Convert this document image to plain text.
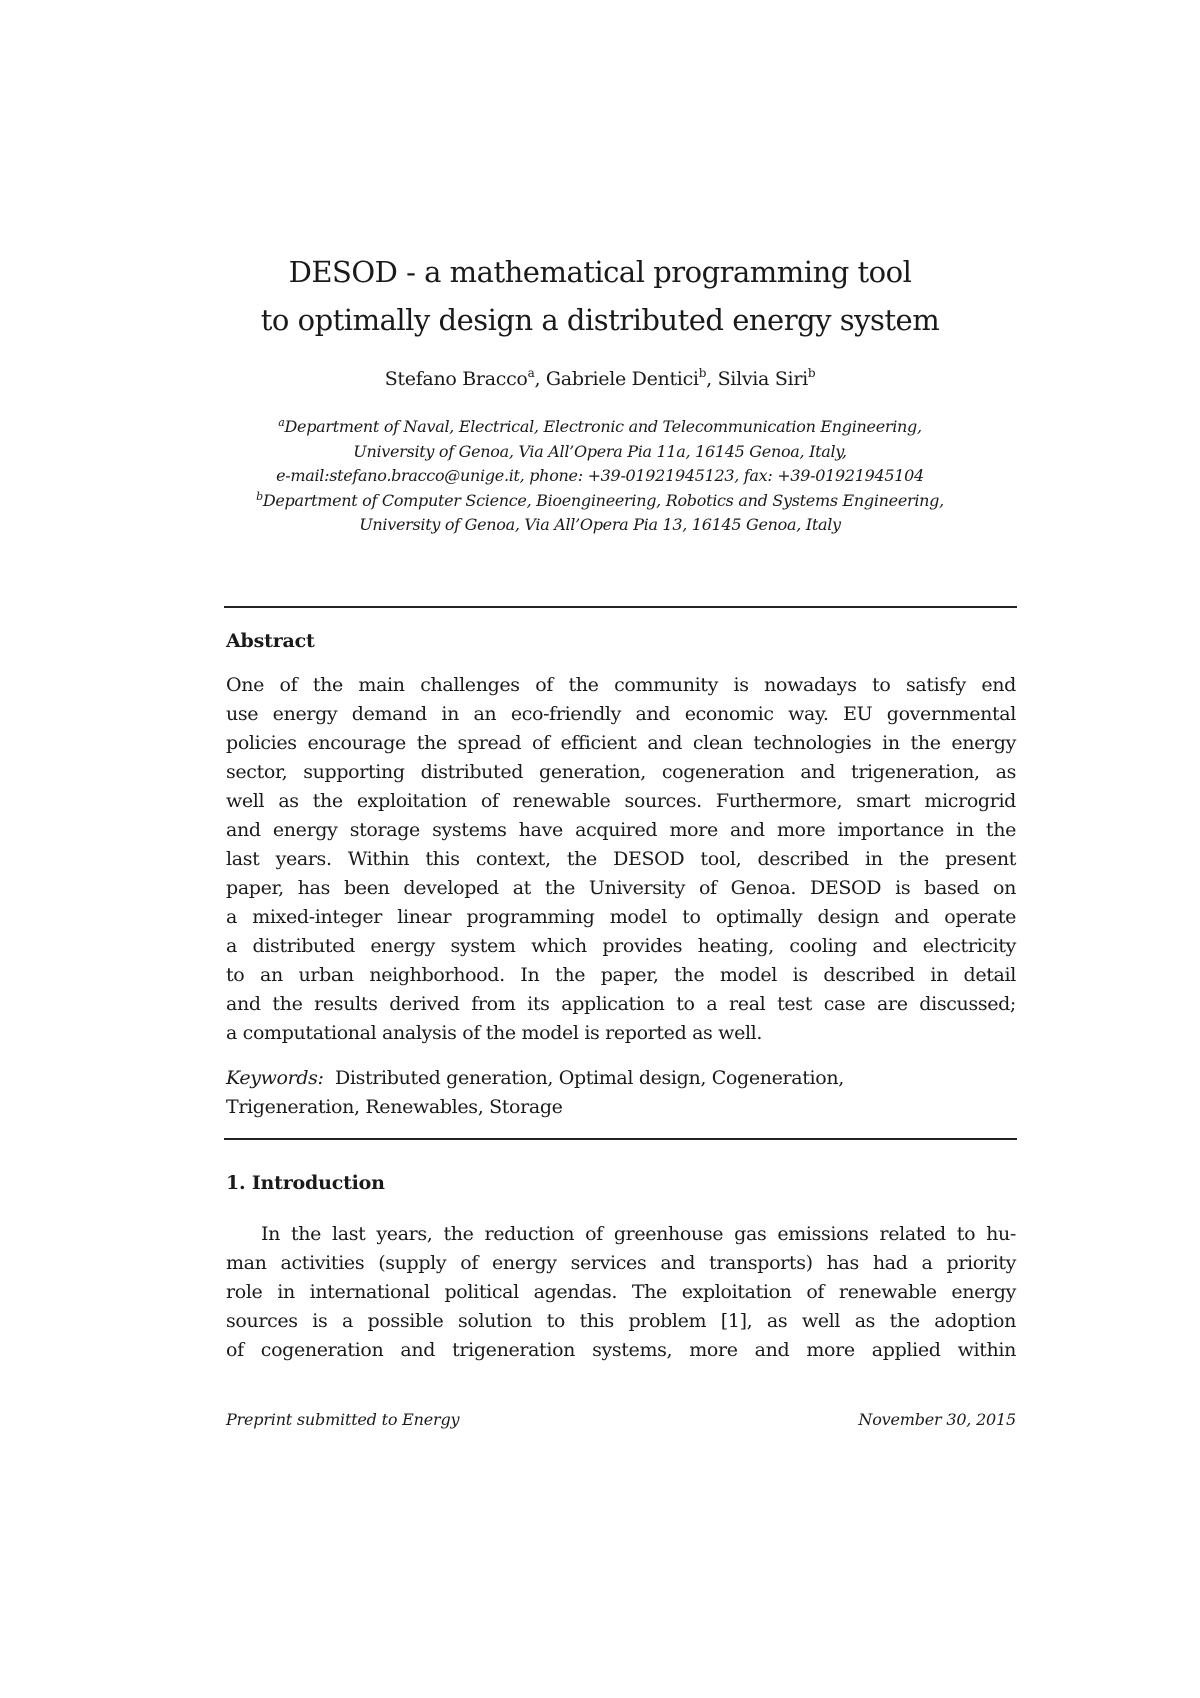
DESOD - a mathematical programming tool
to optimally design a distributed energy system
Stefano Bracco$^a$, Gabriele Dentici$^b$, Silvia Siri$^b$
$^a$Department of Naval, Electrical, Electronic and Telecommunication Engineering,
University of Genoa, Via All’Opera Pia 11a, 16145 Genoa, Italy,
e-mail:stefano.bracco@unige.it, phone: +39-01921945123, fax: +39-01921945104
$^b$Department of Computer Science, Bioengineering, Robotics and Systems Engineering,
University of Genoa, Via All’Opera Pia 13, 16145 Genoa, Italy
Abstract
One of the main challenges of the community is nowadays to satisfy end
use energy demand in an eco-friendly and economic way. EU governmental
policies encourage the spread of efficient and clean technologies in the energy
sector, supporting distributed generation, cogeneration and trigeneration, as
well as the exploitation of renewable sources. Furthermore, smart microgrid
and energy storage systems have acquired more and more importance in the
last years. Within this context, the DESOD tool, described in the present
paper, has been developed at the University of Genoa. DESOD is based on
a mixed-integer linear programming model to optimally design and operate
a distributed energy system which provides heating, cooling and electricity
to an urban neighborhood. In the paper, the model is described in detail
and the results derived from its application to a real test case are discussed;
a computational analysis of the model is reported as well.
Keywords: Distributed generation, Optimal design, Cogeneration,
Trigeneration, Renewables, Storage
1. Introduction
In the last years, the reduction of greenhouse gas emissions related to hu-
man activities (supply of energy services and transports) has had a priority
role in international political agendas. The exploitation of renewable energy
sources is a possible solution to this problem [1], as well as the adoption
of cogeneration and trigeneration systems, more and more applied within
Preprint submitted to Energy	November 30, 2015
